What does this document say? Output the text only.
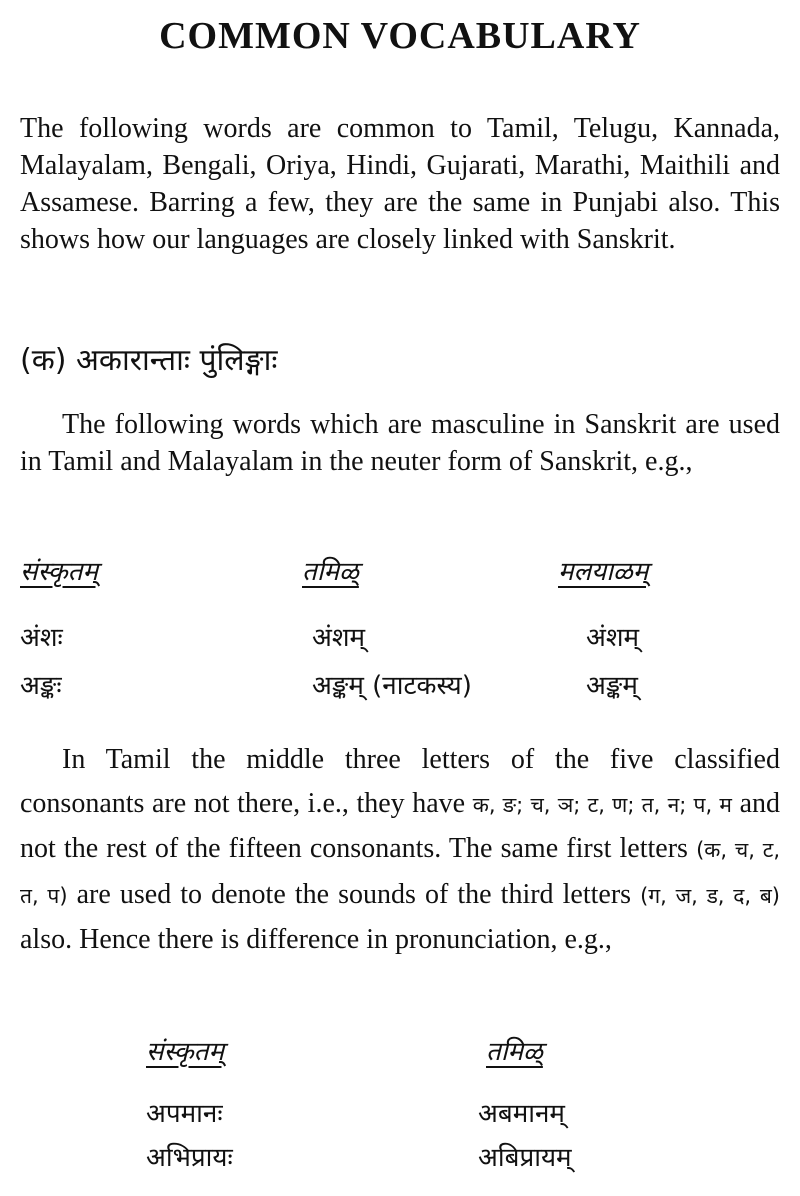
COMMON VOCABULARY
The following words are common to Tamil, Telugu, Kannada, Malayalam, Bengali, Oriya, Hindi, Gujarati, Marathi, Maithili and Assamese. Barring a few, they are the same in Punjabi also. This shows how our languages are closely linked with Sanskrit.
(क) अकारान्ताः पुंलिङ्गाः
The following words which are masculine in Sanskrit are used in Tamil and Malayalam in the neuter form of Sanskrit, e.g.,
संस्कृतम्	तमिळ्	मलयाळम्
अंशः	अंशम्	अंशम्
अङ्कः	अङ्कम् (नाटकस्य)	अङ्कम्
In Tamil the middle three letters of the five classified consonants are not there, i.e., they have क, ङ; च, ञ; ट, ण; त, न; प, म and not the rest of the fifteen consonants. The same first letters (क, च, ट, त, प) are used to denote the sounds of the third letters (ग, ज, ड, द, ब) also. Hence there is difference in pronunciation, e.g.,
संस्कृतम्	तमिळ्
अपमानः	अबमानम्
अभिप्रायः	अबिप्रायम्
